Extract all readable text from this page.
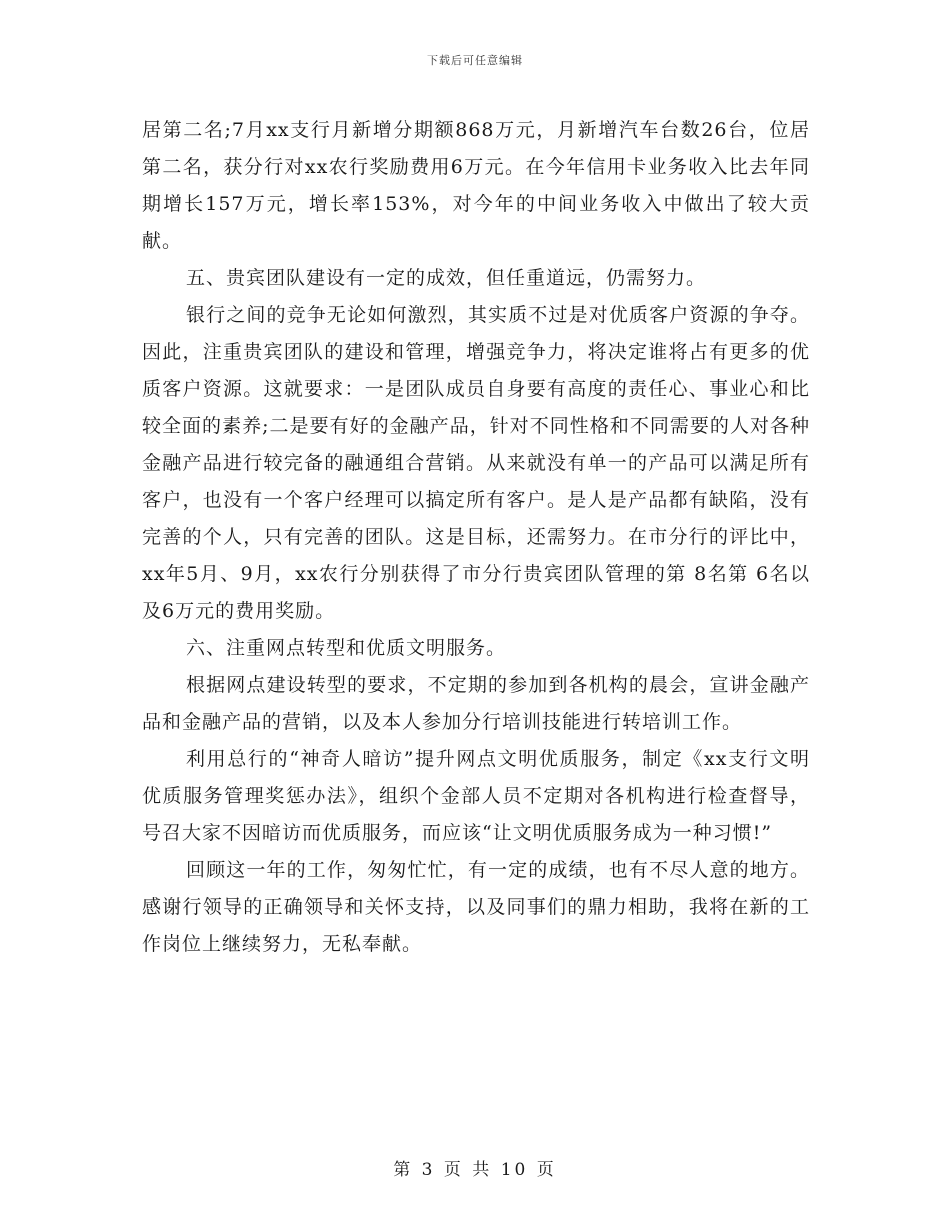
下载后可任意编辑

居第二名;7月xx支行月新增分期额868万元，月新增汽车台数26台，位居第二名，获分行对xx农行奖励费用6万元。在今年信用卡业务收入比去年同期增长157万元，增长率153%，对今年的中间业务收入中做出了较大贡献。

五、贵宾团队建设有一定的成效，但任重道远，仍需努力。

银行之间的竞争无论如何激烈，其实质不过是对优质客户资源的争夺。因此，注重贵宾团队的建设和管理，增强竞争力，将决定谁将占有更多的优质客户资源。这就要求：一是团队成员自身要有高度的责任心、事业心和比较全面的素养;二是要有好的金融产品，针对不同性格和不同需要的人对各种金融产品进行较完备的融通组合营销。从来就没有单一的产品可以满足所有客户，也没有一个客户经理可以搞定所有客户。是人是产品都有缺陷，没有完善的个人，只有完善的团队。这是目标，还需努力。在市分行的评比中，xx年5月、9月，xx农行分别获得了市分行贵宾团队管理的第 8名第 6名以及6万元的费用奖励。

六、注重网点转型和优质文明服务。

根据网点建设转型的要求，不定期的参加到各机构的晨会，宣讲金融产品和金融产品的营销，以及本人参加分行培训技能进行转培训工作。

利用总行的“神奇人暗访”提升网点文明优质服务，制定《xx支行文明优质服务管理奖惩办法》，组织个金部人员不定期对各机构进行检查督导，号召大家不因暗访而优质服务，而应该“让文明优质服务成为一种习惯!”

回顾这一年的工作，匆匆忙忙，有一定的成绩，也有不尽人意的地方。感谢行领导的正确领导和关怀支持，以及同事们的鼎力相助，我将在新的工作岗位上继续努力，无私奉献。

第 3 页 共 10 页
